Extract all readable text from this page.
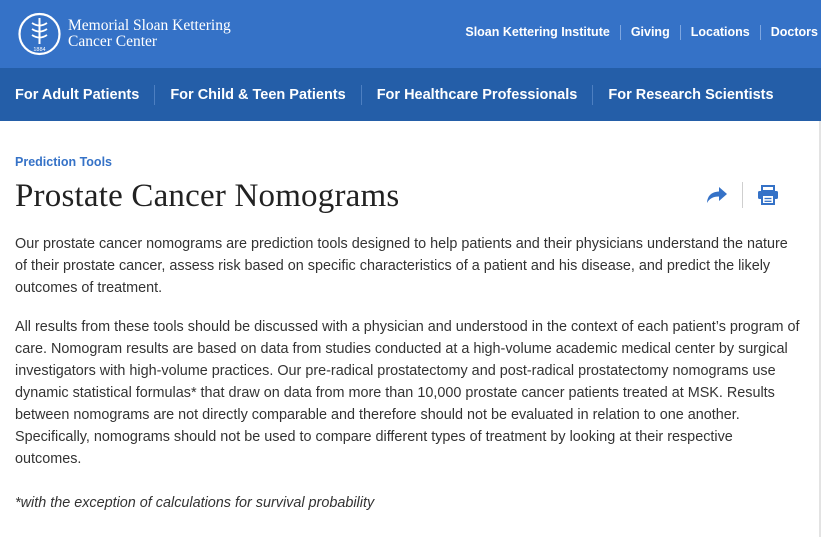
1884
Memorial Sloan Kettering
Cancer Center
Sloan Kettering Institute	Giving	Locations	Doctors
For Adult Patients	For Child & Teen Patients	For Healthcare Professionals	For Research Scientists
Prediction Tools
Prostate Cancer Nomograms

Our prostate cancer nomograms are prediction tools designed to help patients and their physicians understand the nature of their prostate cancer, assess risk based on specific characteristics of a patient and his disease, and predict the likely outcomes of treatment.

All results from these tools should be discussed with a physician and understood in the context of each patient’s program of care. Nomogram results are based on data from studies conducted at a high-volume academic medical center by surgical investigators with high-volume practices. Our pre-radical prostatectomy and post-radical prostatectomy nomograms use dynamic statistical formulas* that draw on data from more than 10,000 prostate cancer patients treated at MSK. Results between nomograms are not directly comparable and therefore should not be evaluated in relation to one another. Specifically, nomograms should not be used to compare different types of treatment by looking at their respective outcomes.

*with the exception of calculations for survival probability
